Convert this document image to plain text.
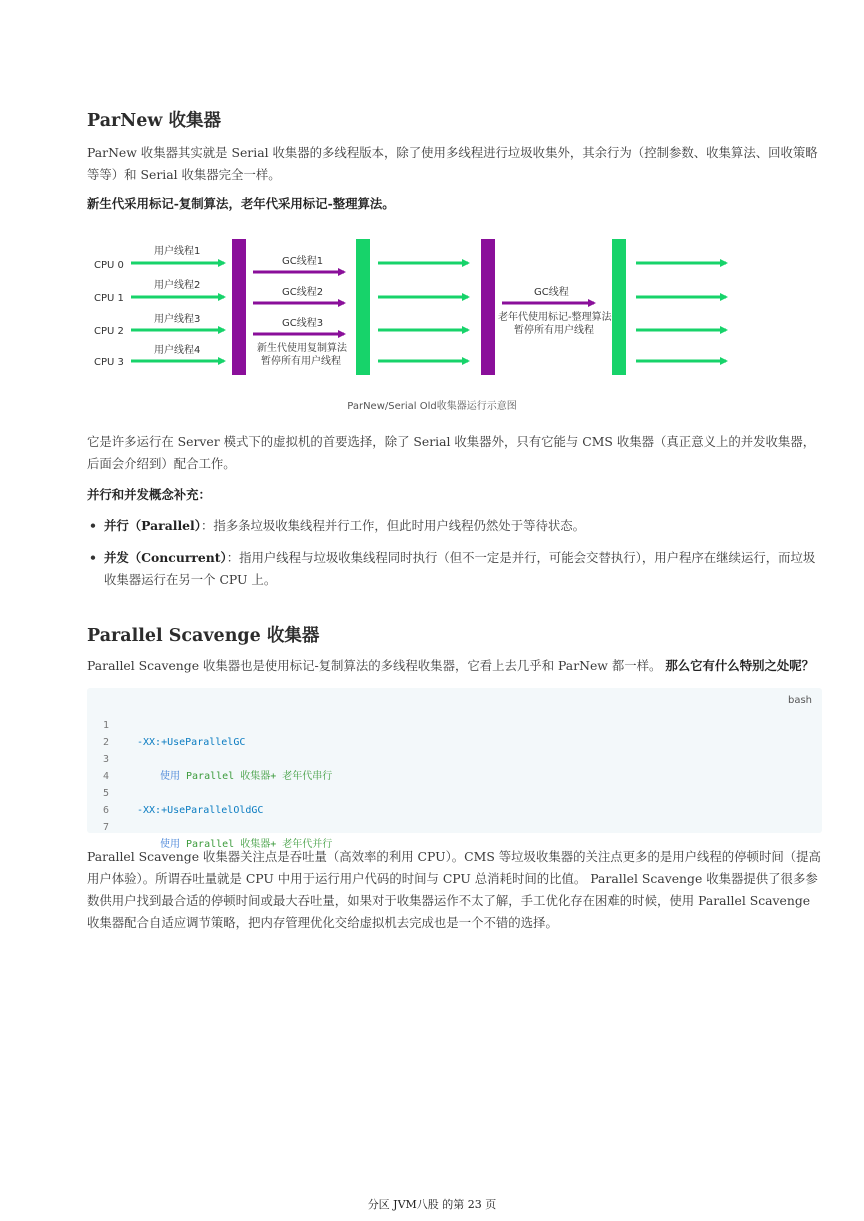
ParNew 收集器

ParNew 收集器其实就是 Serial 收集器的多线程版本，除了使用多线程进行垃圾收集外，其余行为（控制参数、收集算法、回收策略等等）和 Serial 收集器完全一样。

新生代采用标记-复制算法，老年代采用标记-整理算法。

CPU 0
CPU 1
CPU 2
CPU 3
用户线程1
用户线程2
用户线程3
用户线程4
GC线程1
GC线程2
GC线程3
新生代使用复制算法
暂停所有用户线程
GC线程
老年代使用标记-整理算法
暂停所有用户线程
ParNew/Serial Old收集器运行示意图

它是许多运行在 Server 模式下的虚拟机的首要选择，除了 Serial 收集器外，只有它能与 CMS 收集器（真正意义上的并发收集器，后面会介绍到）配合工作。

并行和并发概念补充：

• 并行（Parallel）：指多条垃圾收集线程并行工作，但此时用户线程仍然处于等待状态。
• 并发（Concurrent）：指用户线程与垃圾收集线程同时执行（但不一定是并行，可能会交替执行），用户程序在继续运行，而垃圾收集器运行在另一个 CPU 上。
Parallel Scavenge 收集器

Parallel Scavenge 收集器也是使用标记-复制算法的多线程收集器，它看上去几乎和 ParNew 都一样。 那么它有什么特别之处呢？

bash

1

-XX:+UseParallelGC

2

3

使用 Parallel 收集器+ 老年代串行

4

5

-XX:+UseParallelOldGC

6

7

使用 Parallel 收集器+ 老年代并行

Parallel Scavenge 收集器关注点是吞吐量（高效率的利用 CPU）。CMS 等垃圾收集器的关注点更多的是用户线程的停顿时间（提高用户体验）。所谓吞吐量就是 CPU 中用于运行用户代码的时间与 CPU 总消耗时间的比值。 Parallel Scavenge 收集器提供了很多参数供用户找到最合适的停顿时间或最大吞吐量，如果对于收集器运作不太了解，手工优化存在困难的时候，使用 Parallel Scavenge 收集器配合自适应调节策略，把内存管理优化交给虚拟机去完成也是一个不错的选择。

分区 JVM八股 的第 23 页
